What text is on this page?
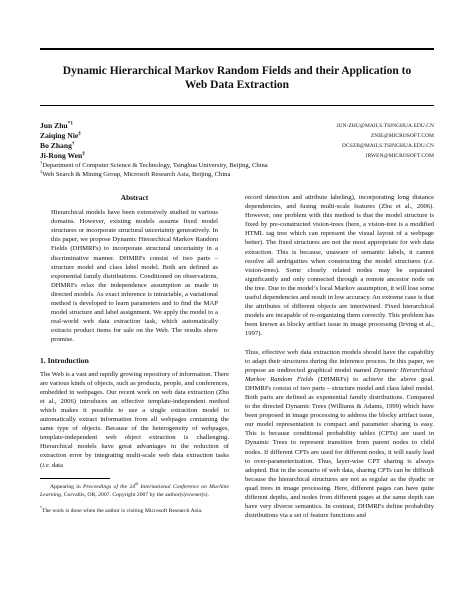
Dynamic Hierarchical Markov Random Fields and their Application to
Web Data Extraction
Jun Zhu$^{*1}$	JUN-ZHU@MAILS.TSINGHUA.EDU.CN
Zaiqing Nie‡	ZNIE@MICROSOFT.COM
Bo Zhang†	DCSZB@MAILS.TSINGHUA.EDU.CN
Ji-Rong Wen‡	JRWEN@MICROSOFT.COM
†Department of Computer Science & Technology, Tsinghua University, Beijing, China
‡Web Search & Mining Group, Microsoft Research Asia, Beijing, China

Abstract

Hierarchical models have been extensively studied in various domains. However, existing models assume fixed model structures or incorporate structural uncertainty generatively. In this paper, we propose Dynamic Hierarchical Markov Random Fields (DHMRFs) to incorporate structural uncertainty in a discriminative manner. DHMRFs consist of two parts – structure model and class label model. Both are defined as exponential family distributions. Conditioned on observations, DHMRFs relax the independence assumption as made in directed models. As exact inference is intractable, a variational method is developed to learn parameters and to find the MAP model structure and label assignment. We apply the model to a real-world web data extraction task, which automatically extracts product items for sale on the Web. The results show promise.

1. Introduction

The Web is a vast and rapidly growing repository of information. There are various kinds of objects, such as products, people, and conferences, embedded in webpages. Our recent work on web data extraction (Zhu et al., 2006) introduces an effective template-independent method which makes it possible to use a single extraction model to automatically extract information from all webpages containing the same type of objects. Because of the heterogeneity of webpages, template-independent web object extraction is challenging. Hierarchical models have great advantages in the reduction of extraction error by integrating multi-scale web data extraction tasks (i.e. data

Appearing in Proceedings of the 24th International Conference on Machine Learning, Corvallis, OR, 2007. Copyright 2007 by the author(s)/owner(s).

*The work is done when the author is visiting Microsoft Research Asia.

record detection and attribute labeling), incorporating long distance dependencies, and fusing multi-scale features (Zhu et al., 2006). However, one problem with this method is that the model structure is fixed by pre-constructed vision-trees (here, a vision-tree is a modified HTML tag tree which can represent the visual layout of a webpage better). The fixed structures are not the most appropriate for web data extraction. This is because, unaware of semantic labels, it cannot resolve all ambiguities when constructing the model structures (i.e. vision-trees). Some closely related nodes may be separated significantly and only connected through a remote ancestor node on the tree. Due to the model’s local Markov assumption, it will lose some useful dependencies and result in low accuracy. An extreme case is that the attributes of different objects are intertwined. Fixed hierarchical models are incapable of re-organizing them correctly. This problem has been known as blocky artifact issue in image processing (Irving et al., 1997).

Thus, effective web data extraction models should have the capability to adapt their structures during the inference process. In this paper, we propose an undirected graphical model named Dynamic Hierarchical Markov Random Fields (DHMRFs) to achieve the above goal. DHMRFs consist of two parts – structure model and class label model. Both parts are defined as exponential family distributions. Compared to the directed Dynamic Trees (Williams & Adams, 1999) which have been proposed in image processing to address the blocky artifact issue, our model representation is compact and parameter sharing is easy. This is because conditional probability tables (CPTs) are used in Dynamic Trees to represent transition from parent nodes to child nodes. If different CPTs are used for different nodes, it will easily lead to over-parameterization. Thus, layer-wise CPT sharing is always adopted. But in the scenario of web data, sharing CPTs can be difficult because the hierarchical structures are not as regular as the dyadic or quad trees in image processing. Here, different pages can have quite different depths, and nodes from different pages at the same depth can have very diverse semantics. In contrast, DHMRFs define probability distributions via a set of feature functions and
